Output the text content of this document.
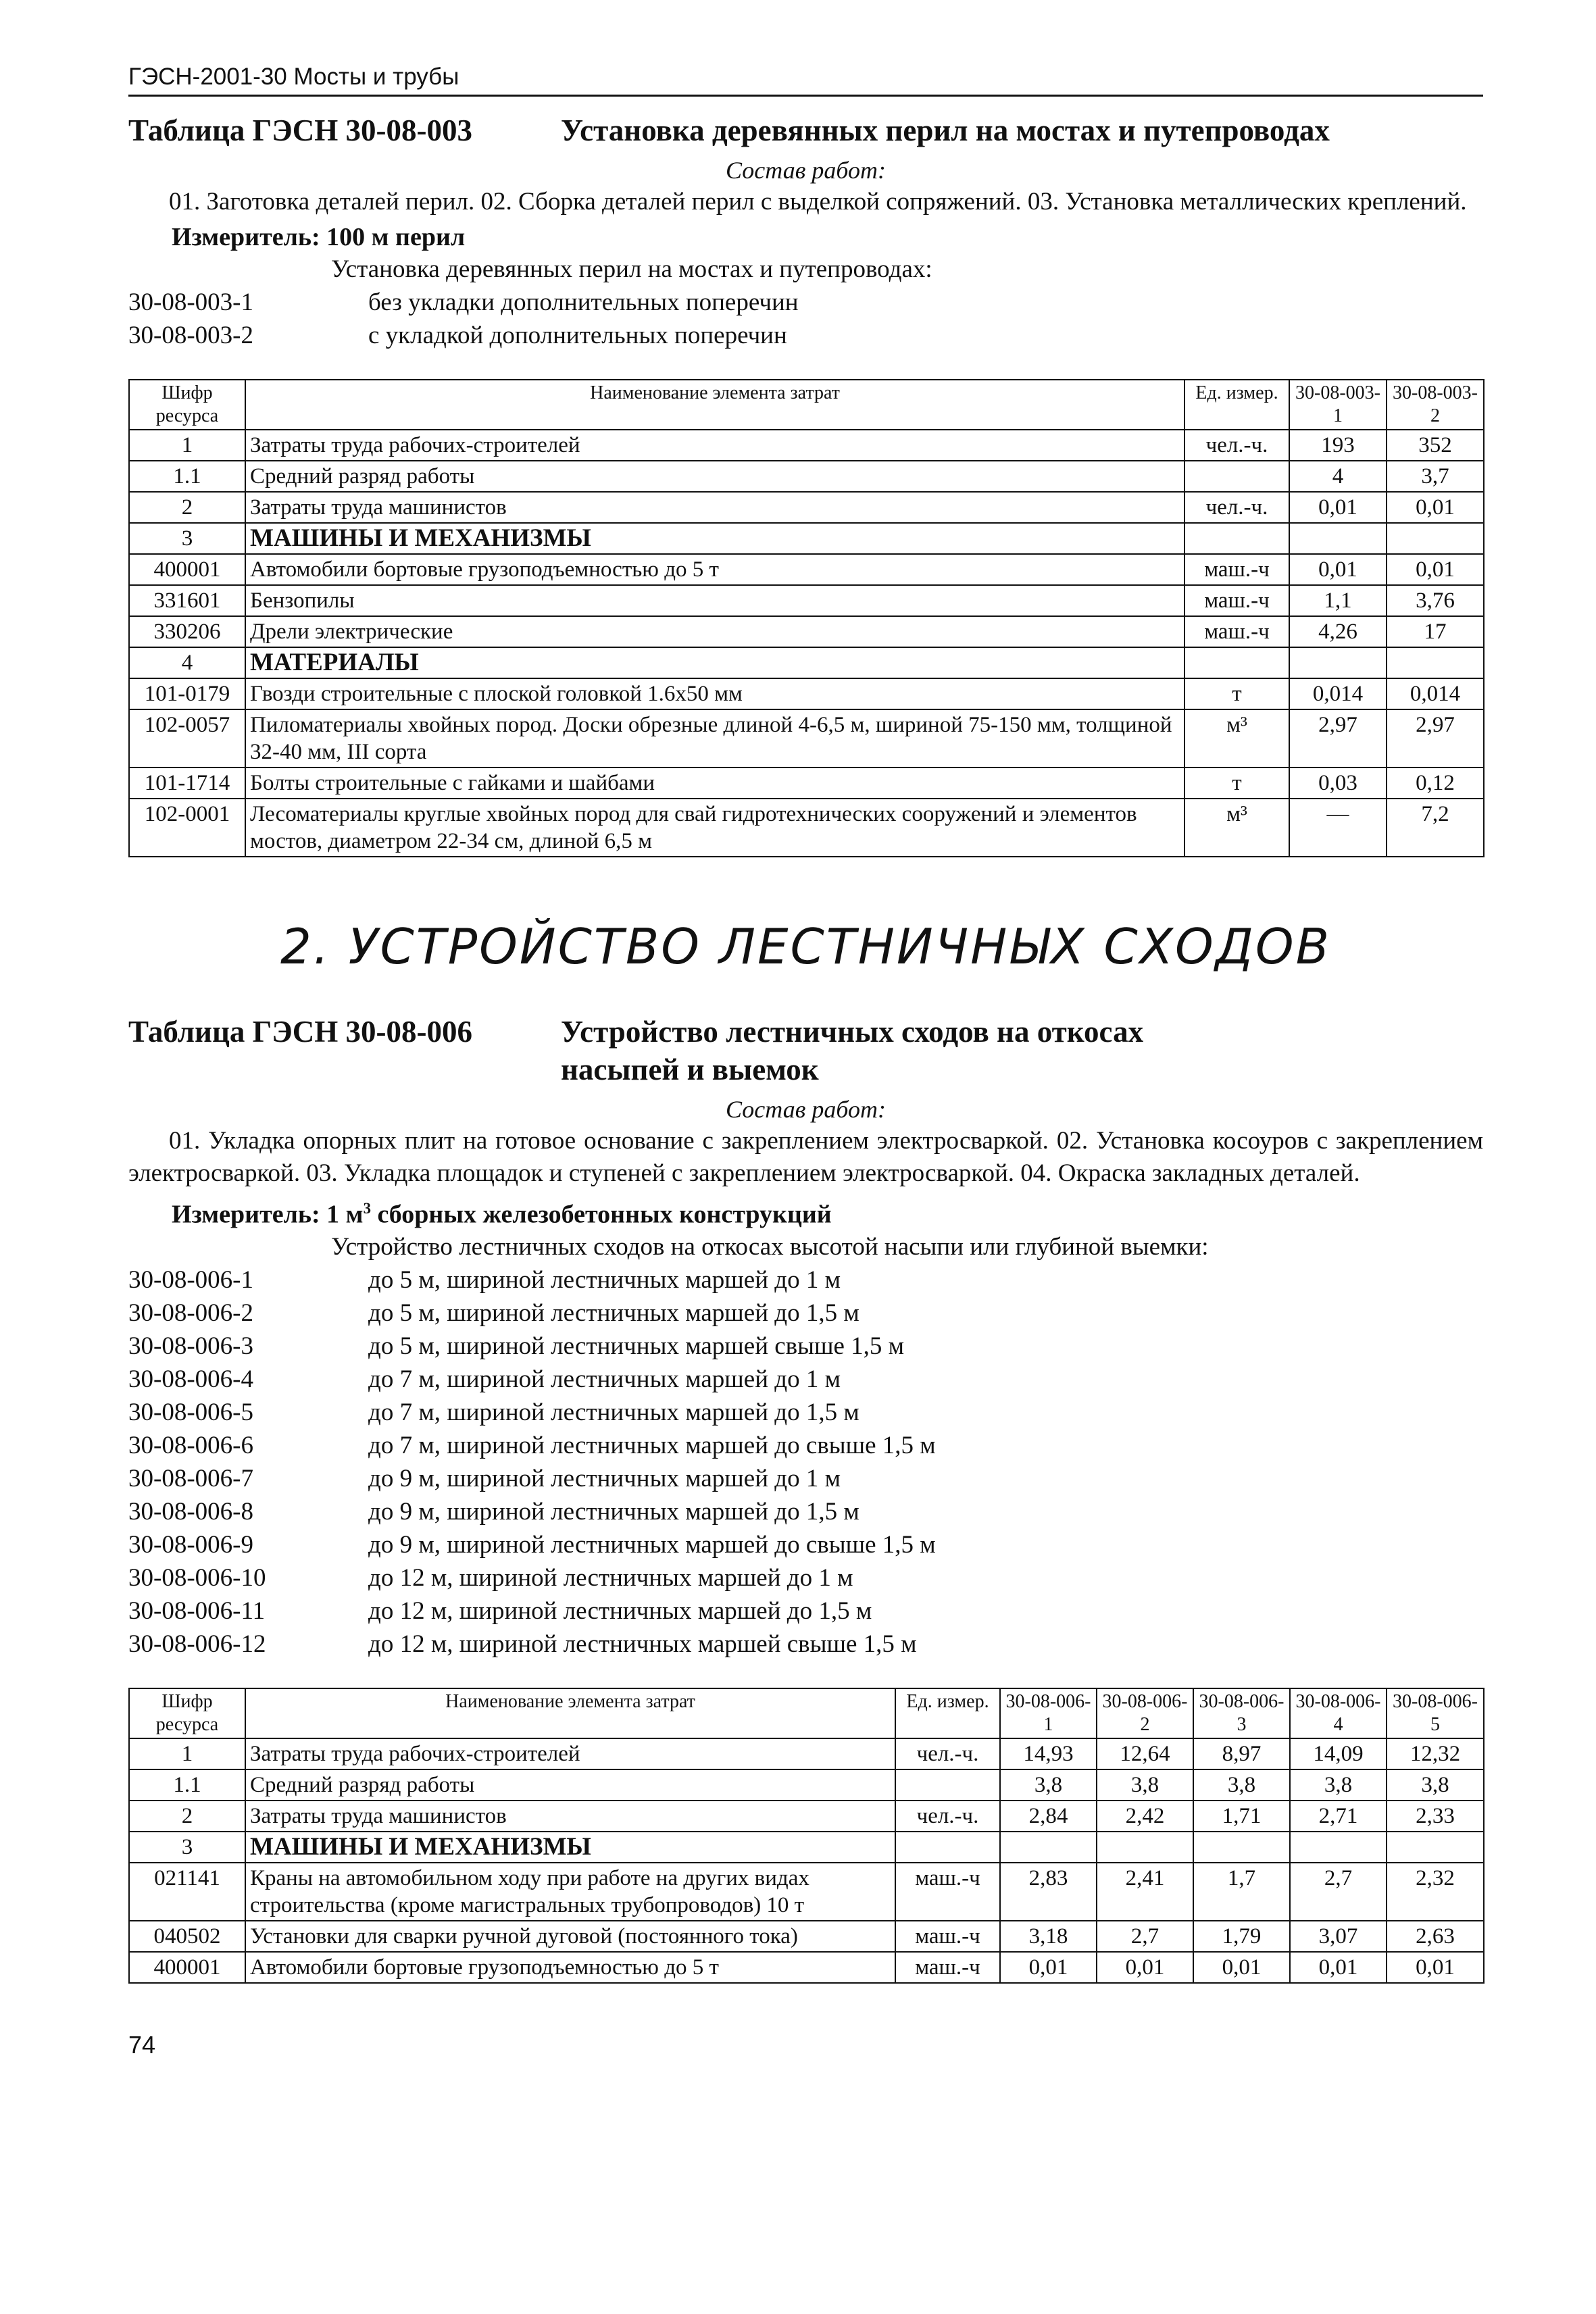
ГЭСН-2001-30 Мосты и трубы
Таблица ГЭСН 30-08-003	Установка деревянных перил на мостах и путепроводах
Состав работ:
01. Заготовка деталей перил. 02. Сборка деталей перил с выделкой сопряжений. 03. Установка металлических креплений.
Измеритель: 100 м перил
Установка деревянных перил на мостах и путепроводах:
30-08-003-1	без укладки дополнительных поперечин
30-08-003-2	с укладкой дополнительных поперечин
Шифр ресурса	Наименование элемента затрат	Ед. измер.	30-08-003-1	30-08-003-2
1	Затраты труда рабочих-строителей	чел.-ч.	193	352
1.1	Средний разряд работы		4	3,7
2	Затраты труда машинистов	чел.-ч.	0,01	0,01
3	МАШИНЫ И МЕХАНИЗМЫ			
400001	Автомобили бортовые грузоподъемностью до 5 т	маш.-ч	0,01	0,01
331601	Бензопилы	маш.-ч	1,1	3,76
330206	Дрели электрические	маш.-ч	4,26	17
4	МАТЕРИАЛЫ			
101-0179	Гвозди строительные с плоской головкой 1.6х50 мм	т	0,014	0,014
102-0057	Пиломатериалы хвойных пород. Доски обрезные длиной 4-6,5 м, шириной 75-150 мм, толщиной 32-40 мм, III сорта	м³	2,97	2,97
101-1714	Болты строительные с гайками и шайбами	т	0,03	0,12
102-0001	Лесоматериалы круглые хвойных пород для свай гидротехнических сооружений и элементов мостов, диаметром 22-34 см, длиной 6,5 м	м³	—	7,2
2. УСТРОЙСТВО ЛЕСТНИЧНЫХ СХОДОВ
Таблица ГЭСН 30-08-006	Устройство лестничных сходов на откосах
насыпей и выемок
Состав работ:
01. Укладка опорных плит на готовое основание с закреплением электросваркой. 02. Установка косоуров с закреплением электросваркой. 03. Укладка площадок и ступеней с закреплением электросваркой. 04. Окраска закладных деталей.
Измеритель: 1 $м^3$ сборных железобетонных конструкций
Устройство лестничных сходов на откосах высотой насыпи или глубиной выемки:
30-08-006-1	до 5 м, шириной лестничных маршей до 1 м
30-08-006-2	до 5 м, шириной лестничных маршей до 1,5 м
30-08-006-3	до 5 м, шириной лестничных маршей свыше 1,5 м
30-08-006-4	до 7 м, шириной лестничных маршей до 1 м
30-08-006-5	до 7 м, шириной лестничных маршей до 1,5 м
30-08-006-6	до 7 м, шириной лестничных маршей до свыше 1,5 м
30-08-006-7	до 9 м, шириной лестничных маршей до 1 м
30-08-006-8	до 9 м, шириной лестничных маршей до 1,5 м
30-08-006-9	до 9 м, шириной лестничных маршей до свыше 1,5 м
30-08-006-10	до 12 м, шириной лестничных маршей до 1 м
30-08-006-11	до 12 м, шириной лестничных маршей до 1,5 м
30-08-006-12	до 12 м, шириной лестничных маршей свыше 1,5 м
Шифр ресурса	Наименование элемента затрат	Ед. измер.	30-08-006-1	30-08-006-2	30-08-006-3	30-08-006-4	30-08-006-5
1	Затраты труда рабочих-строителей	чел.-ч.	14,93	12,64	8,97	14,09	12,32
1.1	Средний разряд работы		3,8	3,8	3,8	3,8	3,8
2	Затраты труда машинистов	чел.-ч.	2,84	2,42	1,71	2,71	2,33
3	МАШИНЫ И МЕХАНИЗМЫ						
021141	Краны на автомобильном ходу при работе на других видах строительства (кроме магистральных трубопроводов) 10 т	маш.-ч	2,83	2,41	1,7	2,7	2,32
040502	Установки для сварки ручной дуговой (постоянного тока)	маш.-ч	3,18	2,7	1,79	3,07	2,63
400001	Автомобили бортовые грузоподъемностью до 5 т	маш.-ч	0,01	0,01	0,01	0,01	0,01
74
